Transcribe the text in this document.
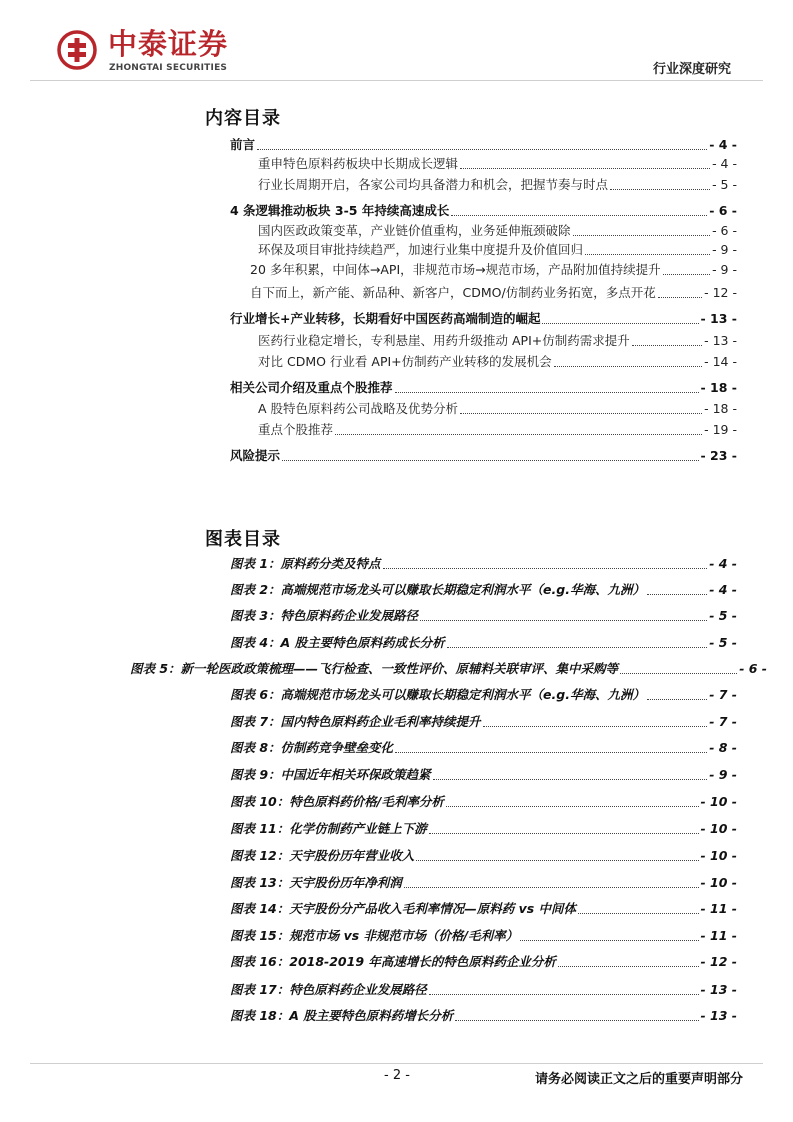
中泰证券
ZHONGTAI SECURITIES	行业深度研究
内容目录
前言	- 4 -
重申特色原料药板块中长期成长逻辑	- 4 -
行业长周期开启，各家公司均具备潜力和机会，把握节奏与时点	- 5 -
4 条逻辑推动板块 3-5 年持续高速成长	- 6 -
国内医政政策变革，产业链价值重构，业务延伸瓶颈破除	- 6 -
环保及项目审批持续趋严，加速行业集中度提升及价值回归	- 9 -
20 多年积累，中间体→API，非规范市场→规范市场，产品附加值持续提升	- 9 -
自下而上，新产能、新品种、新客户，CDMO/仿制药业务拓宽，多点开花	- 12 -
行业增长+产业转移，长期看好中国医药高端制造的崛起	- 13 -
医药行业稳定增长，专利悬崖、用药升级推动 API+仿制药需求提升	- 13 -
对比 CDMO 行业看 API+仿制药产业转移的发展机会	- 14 -
相关公司介绍及重点个股推荐	- 18 -
A 股特色原料药公司战略及优势分析	- 18 -
重点个股推荐	- 19 -
风险提示	- 23 -
图表目录
图表 1：原料药分类及特点	- 4 -
图表 2：高端规范市场龙头可以赚取长期稳定利润水平（e.g.华海、九洲）	- 4 -
图表 3：特色原料药企业发展路径	- 5 -
图表 4：A 股主要特色原料药成长分析	- 5 -
图表 5：新一轮医政政策梳理——飞行检查、一致性评价、原辅料关联审评、集中采购等	- 6 -
图表 6：高端规范市场龙头可以赚取长期稳定利润水平（e.g.华海、九洲）	- 7 -
图表 7：国内特色原料药企业毛利率持续提升	- 7 -
图表 8：仿制药竞争壁垒变化	- 8 -
图表 9：中国近年相关环保政策趋紧	- 9 -
图表 10：特色原料药价格/毛利率分析	- 10 -
图表 11：化学仿制药产业链上下游	- 10 -
图表 12：天宇股份历年营业收入	- 10 -
图表 13：天宇股份历年净利润	- 10 -
图表 14：天宇股份分产品收入毛利率情况—原料药 vs 中间体	- 11 -
图表 15：规范市场 vs 非规范市场（价格/毛利率）	- 11 -
图表 16：2018-2019 年高速增长的特色原料药企业分析	- 12 -
图表 17：特色原料药企业发展路径	- 13 -
图表 18：A 股主要特色原料药增长分析	- 13 -
- 2 -	请务必阅读正文之后的重要声明部分
